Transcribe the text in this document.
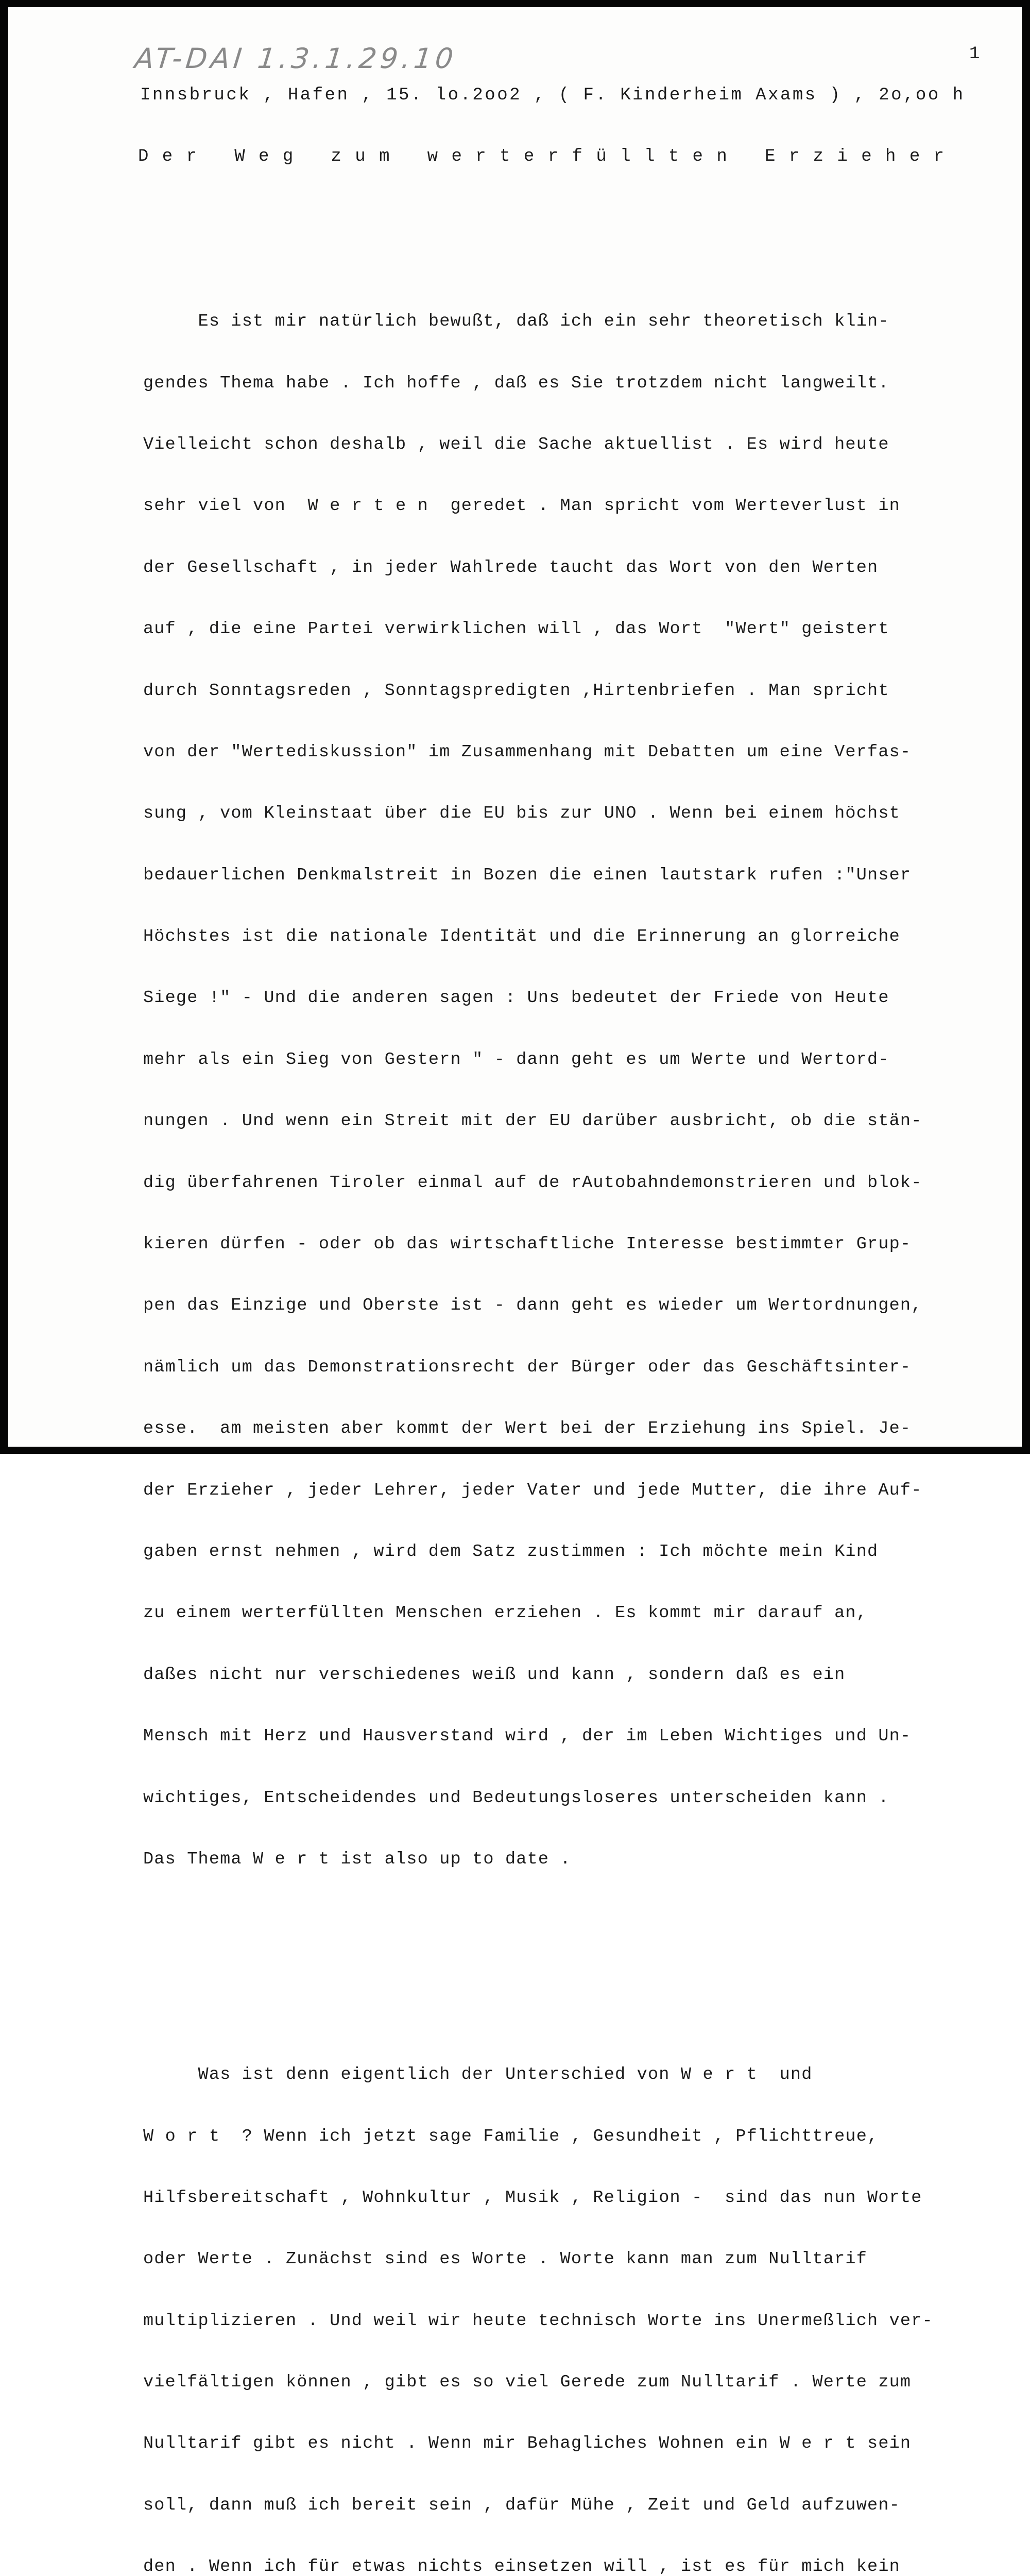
AT-DAI 1.3.1.29.10	1
Innsbruck , Hafen , 15. lo.2oo2 , ( F. Kinderheim Axams ) , 2o,oo h
D e r   W e g   z u m   w e r t e r f ü l l t e n   E r z i e h e r

Es ist mir natürlich bewußt, daß ich ein sehr theoretisch klin-

gendes Thema habe . Ich hoffe , daß es Sie trotzdem nicht langweilt.

Vielleicht schon deshalb , weil die Sache aktuellist . Es wird heute

sehr viel von  W e r t e n  geredet . Man spricht vom Werteverlust in

der Gesellschaft , in jeder Wahlrede taucht das Wort von den Werten

auf , die eine Partei verwirklichen will , das Wort  "Wert" geistert

durch Sonntagsreden , Sonntagspredigten ,Hirtenbriefen . Man spricht

von der "Wertediskussion" im Zusammenhang mit Debatten um eine Verfas-

sung , vom Kleinstaat über die EU bis zur UNO . Wenn bei einem höchst

bedauerlichen Denkmalstreit in Bozen die einen lautstark rufen :"Unser

Höchstes ist die nationale Identität und die Erinnerung an glorreiche

Siege !" - Und die anderen sagen : Uns bedeutet der Friede von Heute

mehr als ein Sieg von Gestern " - dann geht es um Werte und Wertord-

nungen . Und wenn ein Streit mit der EU darüber ausbricht, ob die stän-

dig überfahrenen Tiroler einmal auf de rAutobahndemonstrieren und blok-

kieren dürfen - oder ob das wirtschaftliche Interesse bestimmter Grup-

pen das Einzige und Oberste ist - dann geht es wieder um Wertordnungen,

nämlich um das Demonstrationsrecht der Bürger oder das Geschäftsinter-

esse.  am meisten aber kommt der Wert bei der Erziehung ins Spiel. Je-

der Erzieher , jeder Lehrer, jeder Vater und jede Mutter, die ihre Auf-

gaben ernst nehmen , wird dem Satz zustimmen : Ich möchte mein Kind

zu einem werterfüllten Menschen erziehen . Es kommt mir darauf an,

daßes nicht nur verschiedenes weiß und kann , sondern daß es ein

Mensch mit Herz und Hausverstand wird , der im Leben Wichtiges und Un-

wichtiges, Entscheidendes und Bedeutungsloseres unterscheiden kann .

Das Thema W e r t ist also up to date .

Was ist denn eigentlich der Unterschied von W e r t  und

W o r t  ? Wenn ich jetzt sage Familie , Gesundheit , Pflichttreue,

Hilfsbereitschaft , Wohnkultur , Musik , Religion -  sind das nun Worte

oder Werte . Zunächst sind es Worte . Worte kann man zum Nulltarif

multiplizieren . Und weil wir heute technisch Worte ins Unermeßlich ver-

vielfältigen können , gibt es so viel Gerede zum Nulltarif . Werte zum

Nulltarif gibt es nicht . Wenn mir Behagliches Wohnen ein W e r t sein

soll, dann muß ich bereit sein , dafür Mühe , Zeit und Geld aufzuwen-

den . Wenn ich für etwas nichts einsetzen will , ist es für mich kein
